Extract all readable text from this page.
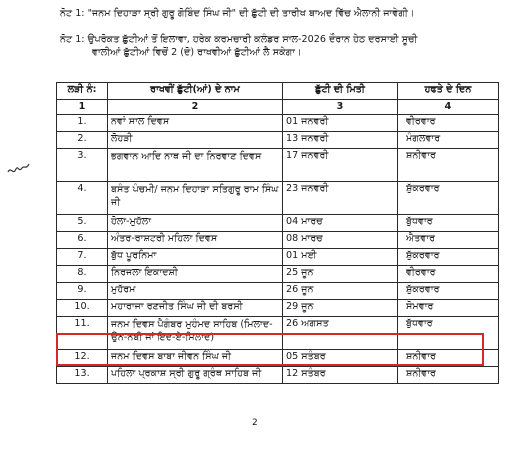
ਨੋਟ 1: "ਜਨਮ ਦਿਹਾੜਾ ਸ੍ਰੀ ਗੁਰੂ ਗੋਬਿੰਦ ਸਿੰਘ ਜੀ" ਦੀ ਛੁੱਟੀ ਦੀ ਤਾਰੀਖ ਬਾਅਦ ਵਿੱਚ ਐਲਾਨੀ ਜਾਵੇਗੀ।
ਨੋਟ 1: ਉਪਰੋਕਤ ਛੁੱਟੀਆਂ ਤੋਂ ਇਲਾਵਾ, ਹਰੇਕ ਕਰਮਚਾਰੀ ਕਲੰਡਰ ਸਾਲ-2026 ਦੌਰਾਨ ਹੇਠ ਦਰਸਾਈ ਸੂਚੀ
ਵਾਲੀਆਂ ਛੁੱਟੀਆਂ ਵਿਚੋਂ 2 (ਦੋ) ਰਾਖਵੀਆਂ ਛੁੱਟੀਆਂ ਲੈ ਸਕੇਗਾ।
ਲੜੀ ਨੰ:	ਰਾਖਵੀਂ ਛੁੱਟੀ(ਆਂ) ਦੇ ਨਾਮ	ਛੁੱਟੀ ਦੀ ਮਿਤੀ	ਹਫਤੇ ਦੇ ਦਿਨ
1	2	3	4
1.	ਨਵਾਂ ਸਾਲ ਦਿਵਸ	01 ਜਨਵਰੀ	ਵੀਰਵਾਰ
2.	ਲੋਹੜੀ	13 ਜਨਵਰੀ	ਮੰਗਲਵਾਰ
3.	ਭਗਵਾਨ ਆਦਿ ਨਾਥ ਜੀ ਦਾ ਨਿਰਵਾਣ ਦਿਵਸ	17 ਜਨਵਰੀ	ਸ਼ਨੀਵਾਰ
4.	ਬਸੰਤ ਪੰਚਮੀ/ ਜਨਮ ਦਿਹਾੜਾ ਸਤਿਗੁਰੂ ਰਾਮ ਸਿੰਘ ਜੀ	23 ਜਨਵਰੀ	ਸ਼ੁੱਕਰਵਾਰ
5.	ਹੋਲਾ-ਮੁਹੱਲਾ	04 ਮਾਰਚ	ਬੁੱਧਵਾਰ
6.	ਅੰਤਰ-ਰਾਸ਼ਟਰੀ ਮਹਿਲਾ ਦਿਵਸ	08 ਮਾਰਚ	ਐਤਵਾਰ
7.	ਬੁੱਧ ਪੂਰਨਿਮਾ	01 ਮਈ	ਸ਼ੁੱਕਰਵਾਰ
8.	ਨਿਰਜਲਾ ਇਕਾਦਸ਼ੀ	25 ਜੂਨ	ਵੀਰਵਾਰ
9.	ਮੁਹੱਰਮ	26 ਜੂਨ	ਸ਼ੁੱਕਰਵਾਰ
10.	ਮਹਾਰਾਜਾ ਰਣਜੀਤ ਸਿੰਘ ਜੀ ਦੀ ਬਰਸੀ	29 ਜੂਨ	ਸੋਮਵਾਰ
11.	ਜਨਮ ਦਿਵਸ ਪੈਗੰਬਰ ਮੁਹੰਮਦ ਸਾਹਿਬ (ਮਿਲਾਦ-ਉਨ-ਨਬੀ ਜਾਂ ਇਦ-ਏ-ਮਿਲਾਦ)	26 ਅਗਸਤ	ਬੁੱਧਵਾਰ
12.	ਜਨਮ ਦਿਵਸ ਬਾਬਾ ਜੀਵਨ ਸਿੰਘ ਜੀ	05 ਸਤੰਬਰ	ਸ਼ਨੀਵਾਰ
13.	ਪਹਿਲਾ ਪ੍ਰਕਾਸ਼ ਸ੍ਰੀ ਗੁਰੂ ਗ੍ਰੰਥ ਸਾਹਿਬ ਜੀ	12 ਸਤੰਬਰ	ਸ਼ਨੀਵਾਰ
2
